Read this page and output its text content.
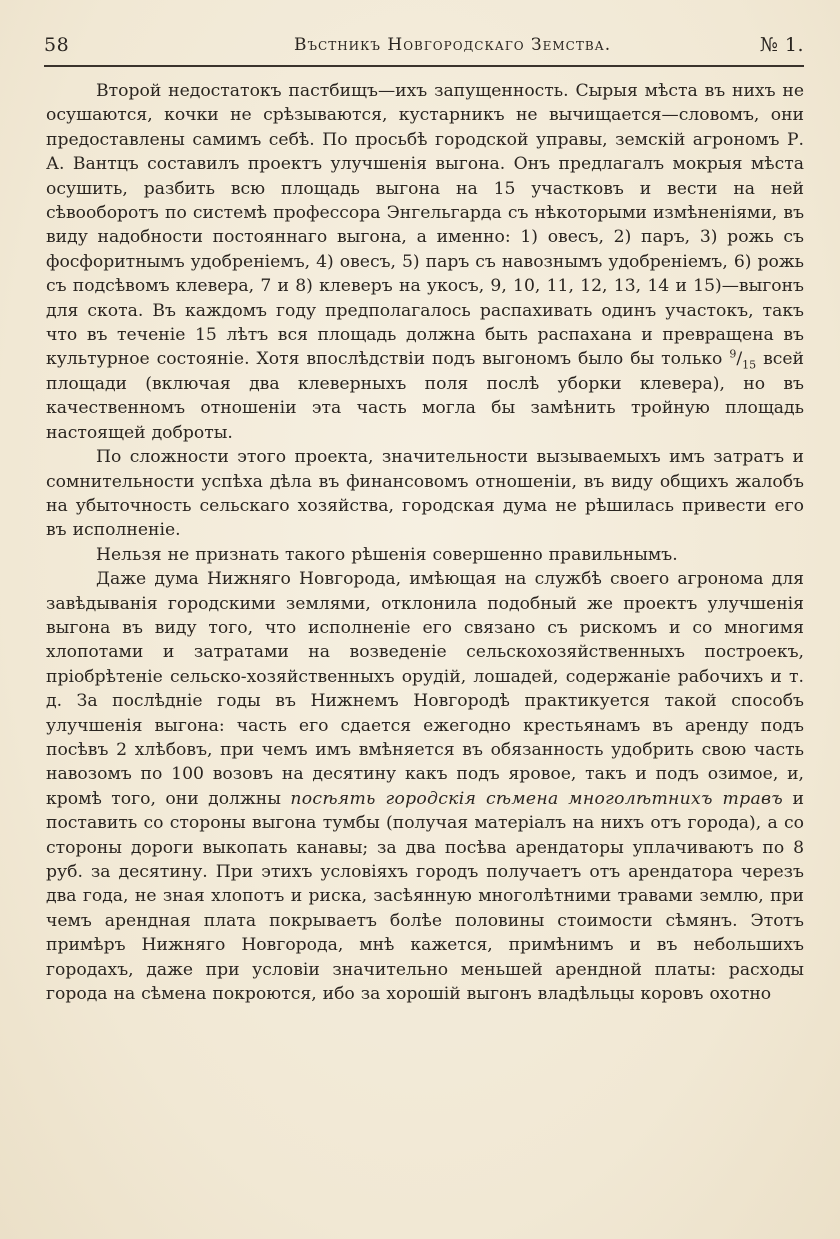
58	Въстникъ Новгородскаго Земства.	№ 1.

Второй недостатокъ пастбищъ—ихъ запущенность. Сырыя мѣста въ нихъ не осушаются, кочки не срѣзываются, кустарникъ не вычищается—словомъ, они предоставлены самимъ себѣ. По просьбѣ городской управы, земскій агрономъ Р. А. Вантцъ составилъ проектъ улучшенія выгона. Онъ предлагалъ мокрыя мѣста осушить, разбить всю площадь выгона на 15 участковъ и вести на ней сѣвооборотъ по системѣ профессора Энгельгарда съ нѣкоторыми измѣненіями, въ виду надобности постояннаго выгона, а именно: 1) овесъ, 2) паръ, 3) рожь съ фосфоритнымъ удобреніемъ, 4) овесъ, 5) паръ съ навознымъ удобреніемъ, 6) рожь съ подсѣвомъ клевера, 7 и 8) клеверъ на укосъ, 9, 10, 11, 12, 13, 14 и 15)—выгонъ для скота. Въ каждомъ году предполагалось распахивать одинъ участокъ, такъ что въ теченіе 15 лѣтъ вся площадь должна быть распахана и превращена въ культурное состояніе. Хотя впослѣдствіи подъ выгономъ было бы только $^9/_{15}$ всей площади (включая два клеверныхъ поля послѣ уборки клевера), но въ качественномъ отношеніи эта часть могла бы замѣнить тройную площадь настоящей доброты.

По сложности этого проекта, значительности вызываемыхъ имъ затратъ и сомнительности успѣха дѣла въ финансовомъ отношеніи, въ виду общихъ жалобъ на убыточность сельскаго хозяйства, городская дума не рѣшилась привести его въ исполненіе.

Нельзя не признать такого рѣшенія совершенно правильнымъ.

Даже дума Нижняго Новгорода, имѣющая на службѣ своего агронома для завѣдыванія городскими землями, отклонила подобный же проектъ улучшенія выгона въ виду того, что исполненіе его связано съ рискомъ и со многимя хлопотами и затратами на возведеніе сельскохозяйственныхъ построекъ, пріобрѣтеніе сельско-хозяйственныхъ орудій, лошадей, содержаніе рабочихъ и т. д. За послѣдніе годы въ Нижнемъ Новгородѣ практикуется такой способъ улучшенія выгона: часть его сдается ежегодно крестьянамъ въ аренду подъ посѣвъ 2 хлѣбовъ, при чемъ имъ вмѣняется въ обязанность удобрить свою часть навозомъ по 100 возовъ на десятину какъ подъ яровое, такъ и подъ озимое, и, кромѣ того, они должны посѣять городскія сѣмена многолѣтнихъ травъ и поставить со стороны выгона тумбы (получая матеріалъ на нихъ отъ города), а со стороны дороги выкопать канавы; за два посѣва арендаторы уплачиваютъ по 8 руб. за десятину. При этихъ условіяхъ городъ получаетъ отъ арендатора черезъ два года, не зная хлопотъ и риска, засѣянную многолѣтними травами землю, при чемъ арендная плата покрываетъ болѣе половины стоимости сѣмянъ. Этотъ примѣръ Нижняго Новгорода, мнѣ кажется, примѣнимъ и въ небольшихъ городахъ, даже при условіи значительно меньшей арендной платы: расходы города на сѣмена покроются, ибо за хорошій выгонъ владѣльцы коровъ охотно
